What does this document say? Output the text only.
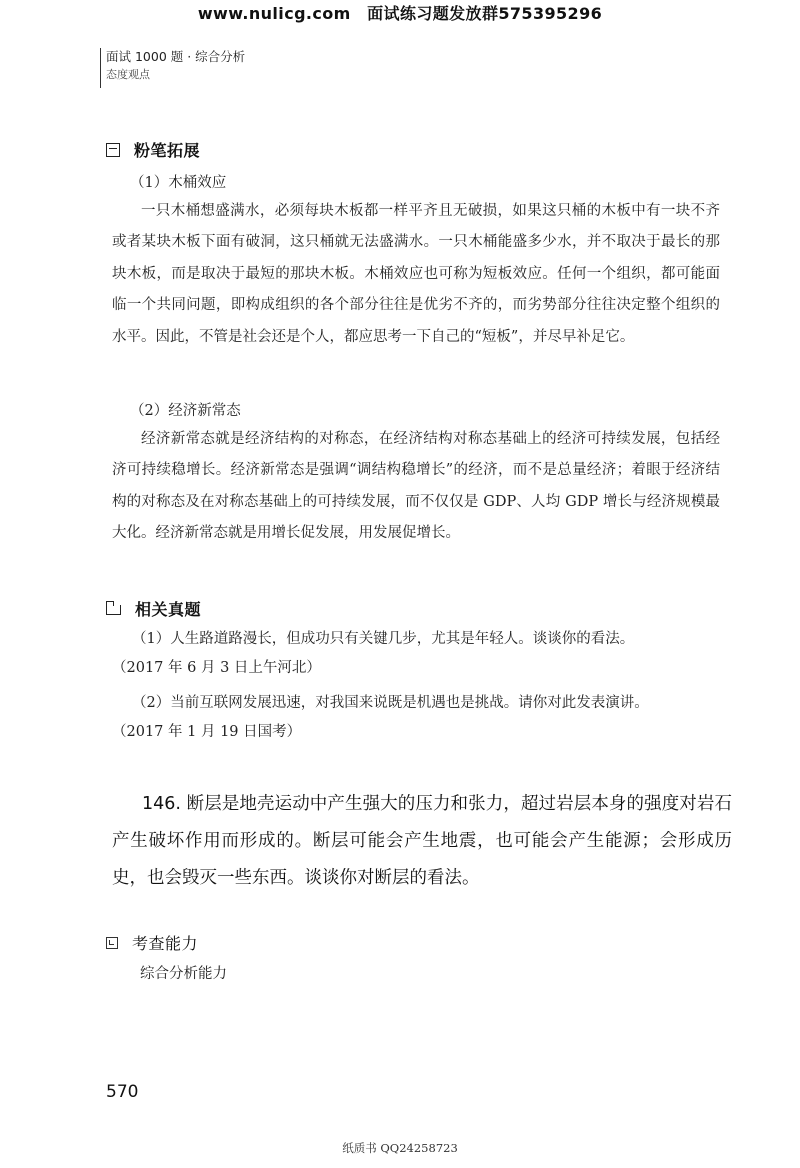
www.nulicg.com　面试练习题发放群575395296
面试 1000 题 · 综合分析
态度观点
粉笔拓展
（1）木桶效应

一只木桶想盛满水，必须每块木板都一样平齐且无破损，如果这只桶的木板中有一块不齐或者某块木板下面有破洞，这只桶就无法盛满水。一只木桶能盛多少水，并不取决于最长的那块木板，而是取决于最短的那块木板。木桶效应也可称为短板效应。任何一个组织，都可能面临一个共同问题，即构成组织的各个部分往往是优劣不齐的，而劣势部分往往决定整个组织的水平。因此，不管是社会还是个人，都应思考一下自己的“短板”，并尽早补足它。

（2）经济新常态

经济新常态就是经济结构的对称态，在经济结构对称态基础上的经济可持续发展，包括经济可持续稳增长。经济新常态是强调“调结构稳增长”的经济，而不是总量经济；着眼于经济结构的对称态及在对称态基础上的可持续发展，而不仅仅是 GDP、人均 GDP 增长与经济规模最大化。经济新常态就是用增长促发展，用发展促增长。

相关真题
（1）人生路道路漫长，但成功只有关键几步，尤其是年轻人。谈谈你的看法。
（2017 年 6 月 3 日上午河北）
（2）当前互联网发展迅速，对我国来说既是机遇也是挑战。请你对此发表演讲。
（2017 年 1 月 19 日国考）

146. 断层是地壳运动中产生强大的压力和张力，超过岩层本身的强度对岩石产生破坏作用而形成的。断层可能会产生地震，也可能会产生能源；会形成历史，也会毁灭一些东西。谈谈你对断层的看法。

考查能力
综合分析能力
570
纸质书 QQ24258723
